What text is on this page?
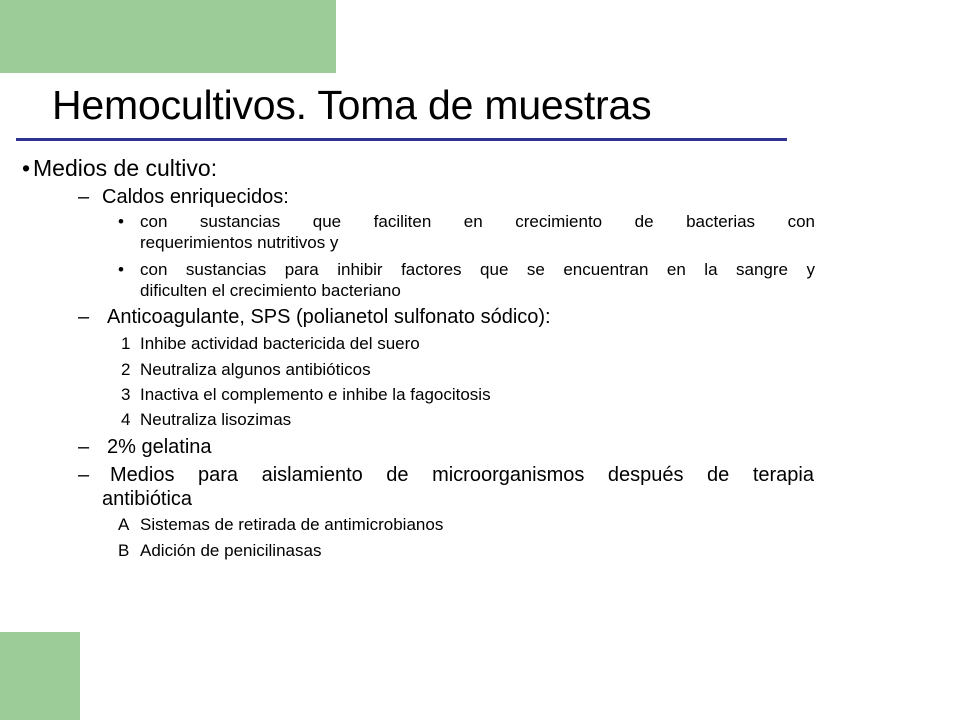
Hemocultivos. Toma de muestras
• Medios de cultivo:
– Caldos enriquecidos:
• con sustancias que faciliten en crecimiento de bacterias con
requerimientos nutritivos y
• con sustancias para inhibir factores que se encuentran en la sangre y
dificulten el crecimiento bacteriano
– Anticoagulante, SPS (polianetol sulfonato sódico):
1 Inhibe actividad bactericida del suero
2 Neutraliza algunos antibióticos
3 Inactiva el complemento e inhibe la fagocitosis
4 Neutraliza lisozimas
– 2% gelatina
– Medios para aislamiento de microorganismos después de terapia
antibiótica
A Sistemas de retirada de antimicrobianos
B Adición de penicilinasas
